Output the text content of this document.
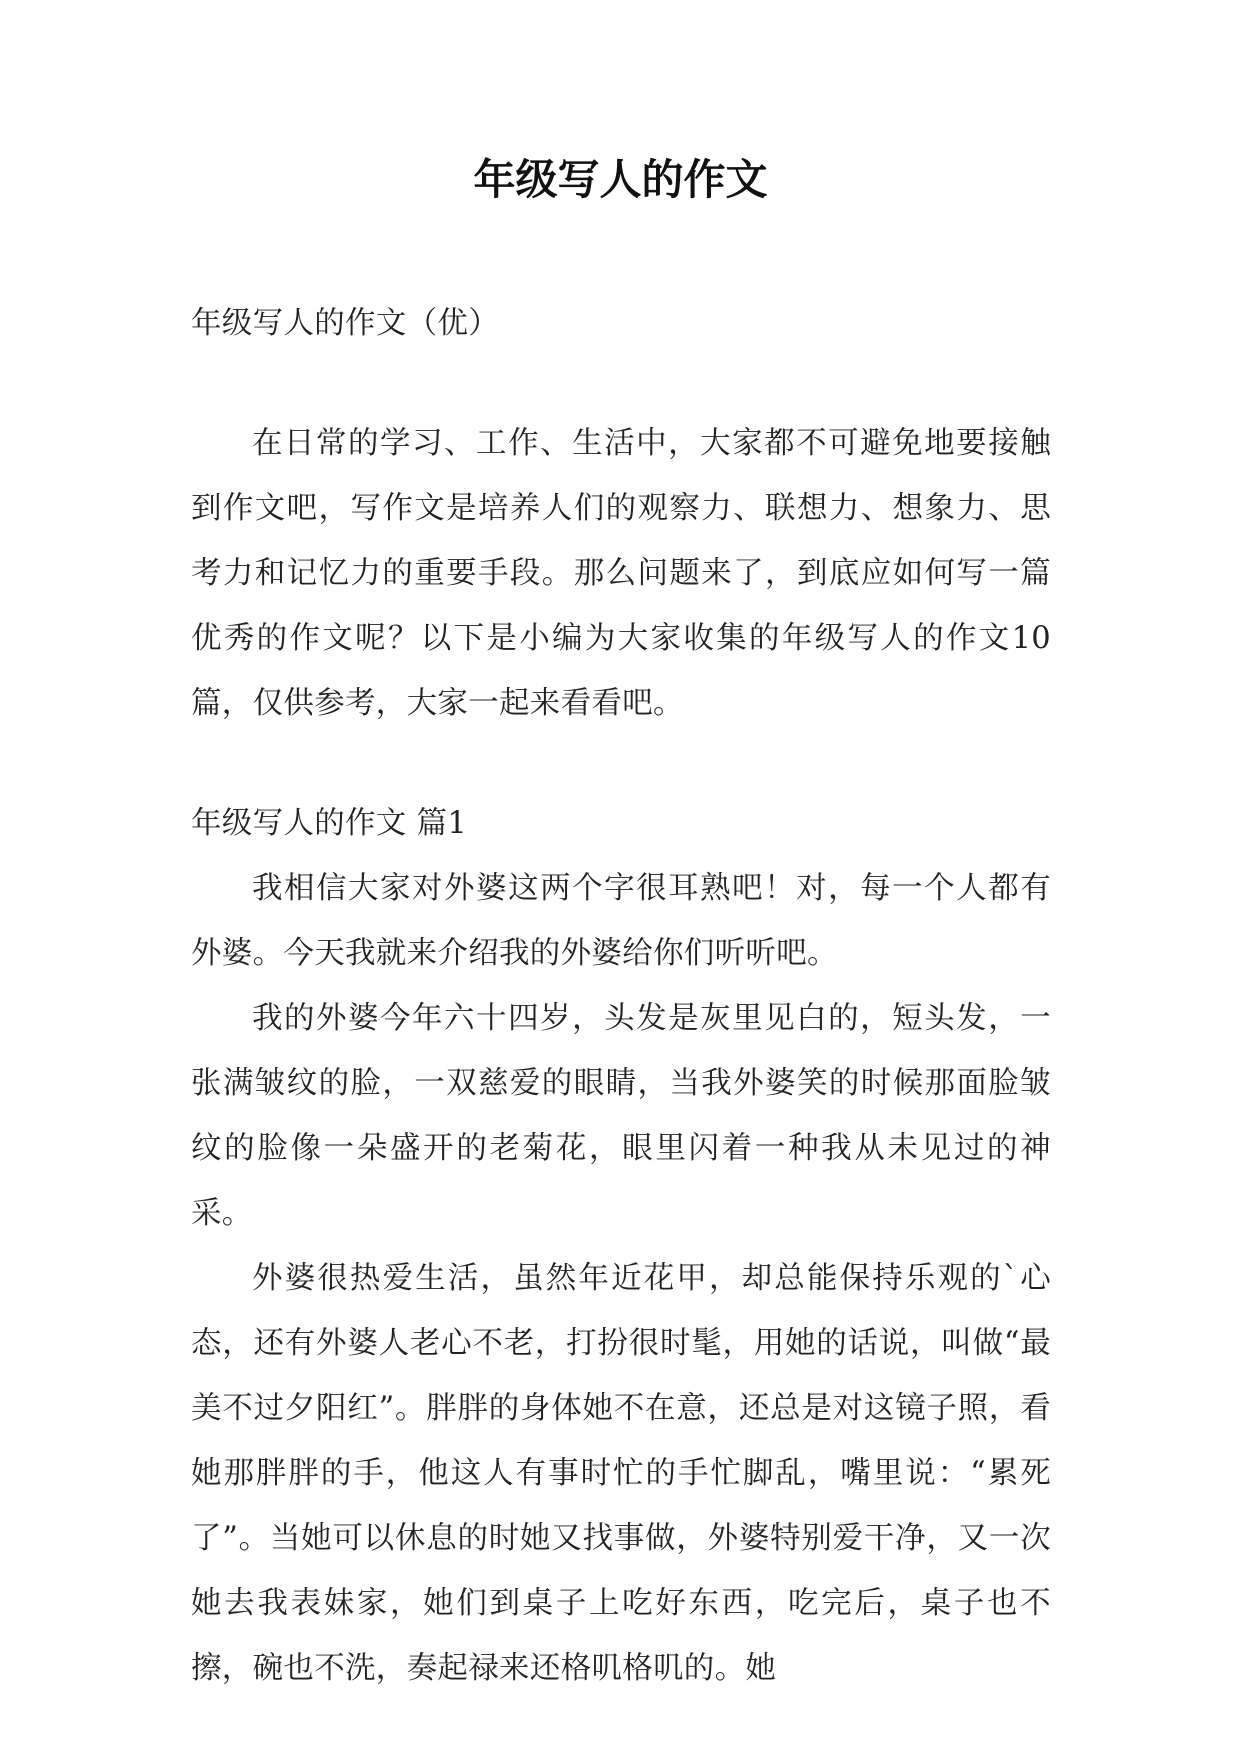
年级写人的作文

年级写人的作文（优）

在日常的学习、工作、生活中，大家都不可避免地要接触到作文吧，写作文是培养人们的观察力、联想力、想象力、思考力和记忆力的重要手段。那么问题来了，到底应如何写一篇优秀的作文呢？以下是小编为大家收集的年级写人的作文10篇，仅供参考，大家一起来看看吧。

年级写人的作文 篇1

我相信大家对外婆这两个字很耳熟吧！对，每一个人都有外婆。今天我就来介绍我的外婆给你们听听吧。

我的外婆今年六十四岁，头发是灰里见白的，短头发，一张满皱纹的脸，一双慈爱的眼睛，当我外婆笑的时候那面脸皱纹的脸像一朵盛开的老菊花，眼里闪着一种我从未见过的神采。

外婆很热爱生活，虽然年近花甲，却总能保持乐观的`心态，还有外婆人老心不老，打扮很时髦，用她的话说，叫做“最美不过夕阳红”。胖胖的身体她不在意，还总是对这镜子照，看她那胖胖的手，他这人有事时忙的手忙脚乱，嘴里说：“累死了”。当她可以休息的时她又找事做，外婆特别爱干净，又一次她去我表妹家，她们到桌子上吃好东西，吃完后，桌子也不擦，碗也不洗，奏起禄来还格叽格叽的。她
